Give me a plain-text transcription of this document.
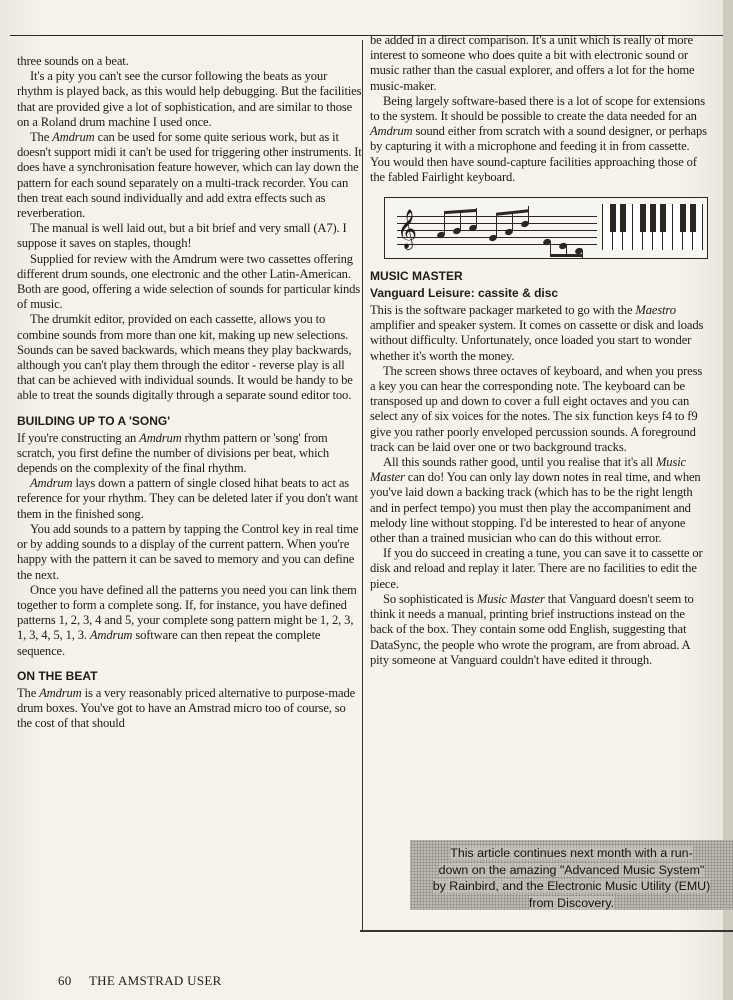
three sounds on a beat.

It's a pity you can't see the cursor following the beats as your rhythm is played back, as this would help debugging. But the facilities that are provided give a lot of sophistication, and are similar to those on a Roland drum machine I used once.

The Amdrum can be used for some quite serious work, but as it doesn't support midi it can't be used for triggering other instruments. It does have a synchronisation feature however, which can lay down the pattern for each sound separately on a multi-track recorder. You can then treat each sound individually and add extra effects such as reverberation.

The manual is well laid out, but a bit brief and very small (A7). I suppose it saves on staples, though!

Supplied for review with the Amdrum were two cassettes offering different drum sounds, one electronic and the other Latin-American. Both are good, offering a wide selection of sounds for particular kinds of music.

The drumkit editor, provided on each cassette, allows you to combine sounds from more than one kit, making up new selections. Sounds can be saved backwards, which means they play backwards, although you can't play them through the editor - reverse play is all that can be achieved with individual sounds. It would be handy to be able to treat the sounds digitally through a separate sound editor too.

BUILDING UP TO A 'SONG'

If you're constructing an Amdrum rhythm pattern or 'song' from scratch, you first define the number of divisions per beat, which depends on the complexity of the final rhythm.

Amdrum lays down a pattern of single closed hihat beats to act as reference for your rhythm. They can be deleted later if you don't want them in the finished song.

You add sounds to a pattern by tapping the Control key in real time or by adding sounds to a display of the current pattern. When you're happy with the pattern it can be saved to memory and you can define the next.

Once you have defined all the patterns you need you can link them together to form a complete song. If, for instance, you have defined patterns 1, 2, 3, 4 and 5, your complete song pattern might be 1, 2, 3, 1, 3, 4, 5, 1, 3. Amdrum software can then repeat the complete sequence.

ON THE BEAT

The Amdrum is a very reasonably priced alternative to purpose-made drum boxes. You've got to have an Amstrad micro too of course, so the cost of that should

be added in a direct comparison. It's a unit which is really of more interest to someone who does quite a bit with electronic sound or music rather than the casual explorer, and offers a lot for the home music-maker.

Being largely software-based there is a lot of scope for extensions to the system. It should be possible to create the data needed for an Amdrum sound either from scratch with a sound designer, or perhaps by capturing it with a microphone and feeding it in from cassette. You would then have sound-capture facilities approaching those of the fabled Fairlight keyboard.

𝄞
MUSIC MASTER
Vanguard Leisure: cassite & disc

This is the software packager marketed to go with the Maestro amplifier and speaker system. It comes on cassette or disk and loads without difficulty. Unfortunately, once loaded you start to wonder whether it's worth the money.

The screen shows three octaves of keyboard, and when you press a key you can hear the corresponding note. The keyboard can be transposed up and down to cover a full eight octaves and you can select any of six voices for the notes. The six function keys f4 to f9 give you rather poorly enveloped percussion sounds. A foreground track can be laid over one or two background tracks.

All this sounds rather good, until you realise that it's all Music Master can do! You can only lay down notes in real time, and when you've laid down a backing track (which has to be the right length and in perfect tempo) you must then play the accompaniment and melody line without stopping. I'd be interested to hear of anyone other than a trained musician who can do this without error.

If you do succeed in creating a tune, you can save it to cassette or disk and reload and replay it later. There are no facilities to edit the piece.

So sophisticated is Music Master that Vanguard doesn't seem to think it needs a manual, printing brief instructions instead on the back of the box. They contain some odd English, suggesting that DataSync, the people who wrote the program, are from abroad. A pity someone at Vanguard couldn't have edited it through.

This article continues next month with a run-
down on the amazing "Advanced Music System"
by Rainbird, and the Electronic Music Utility (EMU)
from Discovery.
60 THE AMSTRAD USER
